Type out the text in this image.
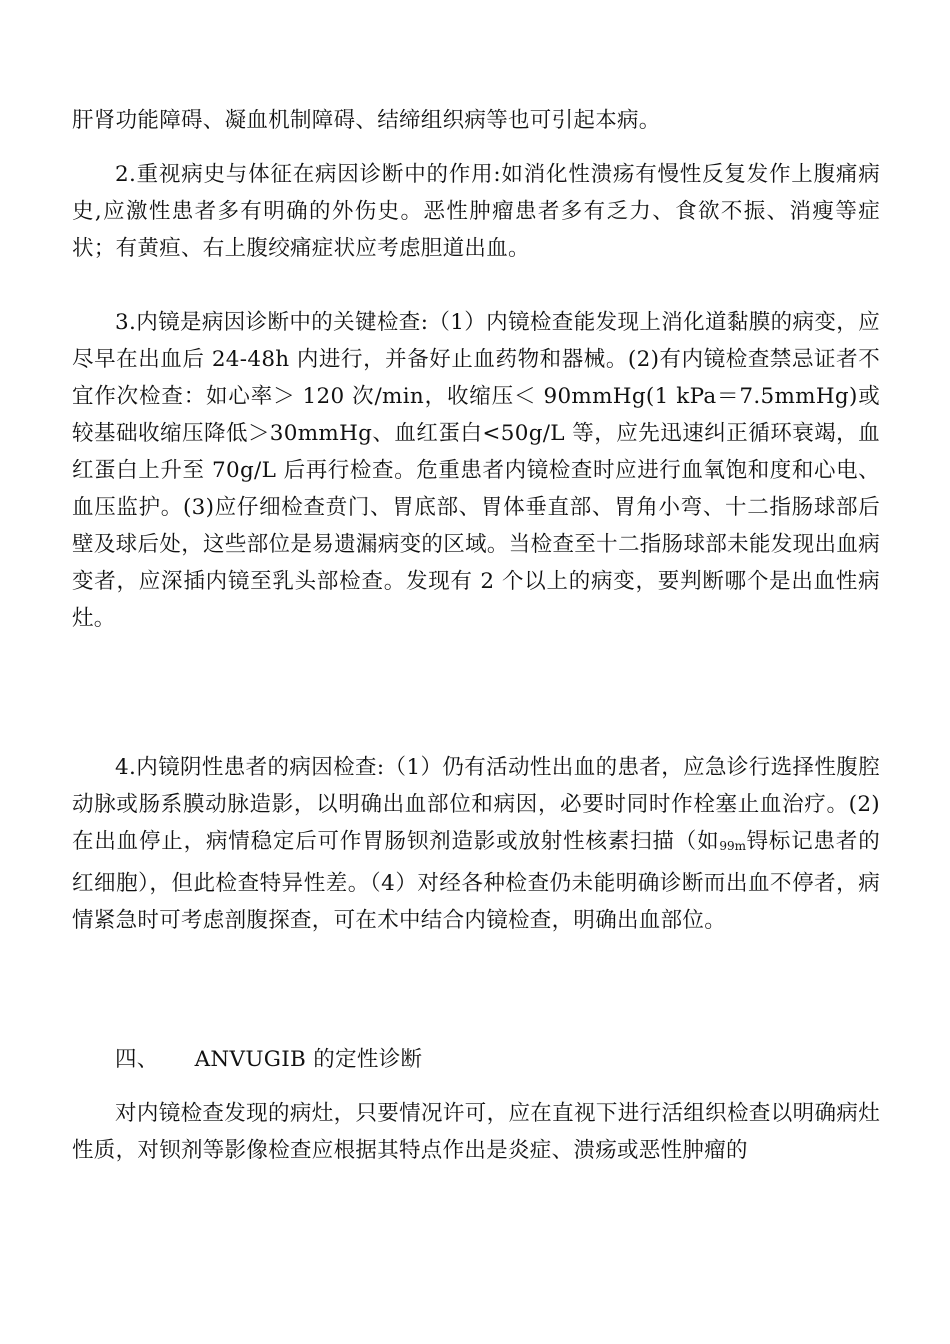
肝肾功能障碍、凝血机制障碍、结缔组织病等也可引起本病。

2.重视病史与体征在病因诊断中的作用:如消化性溃疡有慢性反复发作上腹痛病史,应激性患者多有明确的外伤史。恶性肿瘤患者多有乏力、食欲不振、消瘦等症状；有黄疸、右上腹绞痛症状应考虑胆道出血。

3.内镜是病因诊断中的关键检查:（1）内镜检查能发现上消化道黏膜的病变，应尽早在出血后 24-48h 内进行，并备好止血药物和器械。(2)有内镜检查禁忌证者不宜作次检查：如心率＞ 120 次/min，收缩压＜ 90mmHg(1 kPa＝7.5mmHg)或较基础收缩压降低＞30mmHg、血红蛋白<50g/L 等，应先迅速纠正循环衰竭，血红蛋白上升至 70g/L 后再行检查。危重患者内镜检查时应进行血氧饱和度和心电、血压监护。(3)应仔细检查贲门、胃底部、胃体垂直部、胃角小弯、十二指肠球部后壁及球后处，这些部位是易遗漏病变的区域。当检查至十二指肠球部未能发现出血病变者，应深插内镜至乳头部检查。发现有 2 个以上的病变，要判断哪个是出血性病灶。

4.内镜阴性患者的病因检查:（1）仍有活动性出血的患者，应急诊行选择性腹腔动脉或肠系膜动脉造影，以明确出血部位和病因，必要时同时作栓塞止血治疗。(2)在出血停止，病情稳定后可作胃肠钡剂造影或放射性核素扫描（如99m锝标记患者的红细胞），但此检查特异性差。（4）对经各种检查仍未能明确诊断而出血不停者，病情紧急时可考虑剖腹探查，可在术中结合内镜检查，明确出血部位。

四、 ANVUGIB 的定性诊断

对内镜检查发现的病灶，只要情况许可，应在直视下进行活组织检查以明确病灶性质，对钡剂等影像检查应根据其特点作出是炎症、溃疡或恶性肿瘤的
